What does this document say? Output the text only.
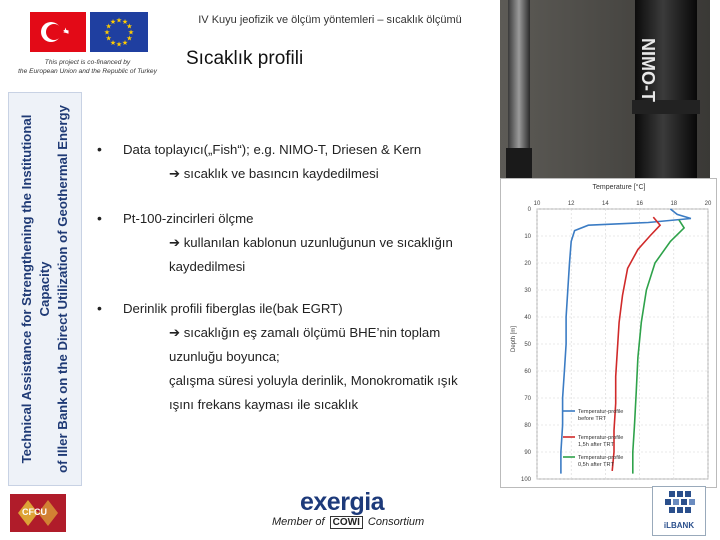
★
★
★
★
★
★
★
★
★ ★ ★
★
This project is co-financed by
the European Union and the Republic of Turkey
IV Kuyu jeofizik ve ölçüm yöntemleri – sıcaklık ölçümü
Sıcaklık profili
Technical Assistance for Strengthening the Institutional Capacity of Iller Bank on the Direct Utilization of Geothermal Energy •	Data toplayıcı(„Fish“); e.g. NIMO-T, Driesen & Kern
➔ sıcaklık ve basıncın kaydedilmesi
•	Pt-100-zincirleri ölçme
➔ kullanılan kablonun uzunluğunun ve sıcaklığın
kaydedilmesi
•	Derinlik profili fiberglas ile(bak EGRT)
➔ sıcaklığın eş zamalı ölçümü BHE’nin toplam
uzunluğu boyunca;
çalışma süresi yoluyla derinlik, Monokromatik ışık
ışını frekans kayması ile sıcaklık
NIMO-T
Temperature [°C]
10	12	14	16	18	20
0
10
20
30
40
50
60
70
80
90
100
Temperatur-profile
before TRT
Temperatur-profile
1,5h after TRT
Temperatur-profile
0,5h after TRT
Depth [m]
CFCU	exergia
Member of COWI Consortium	iLBANK
